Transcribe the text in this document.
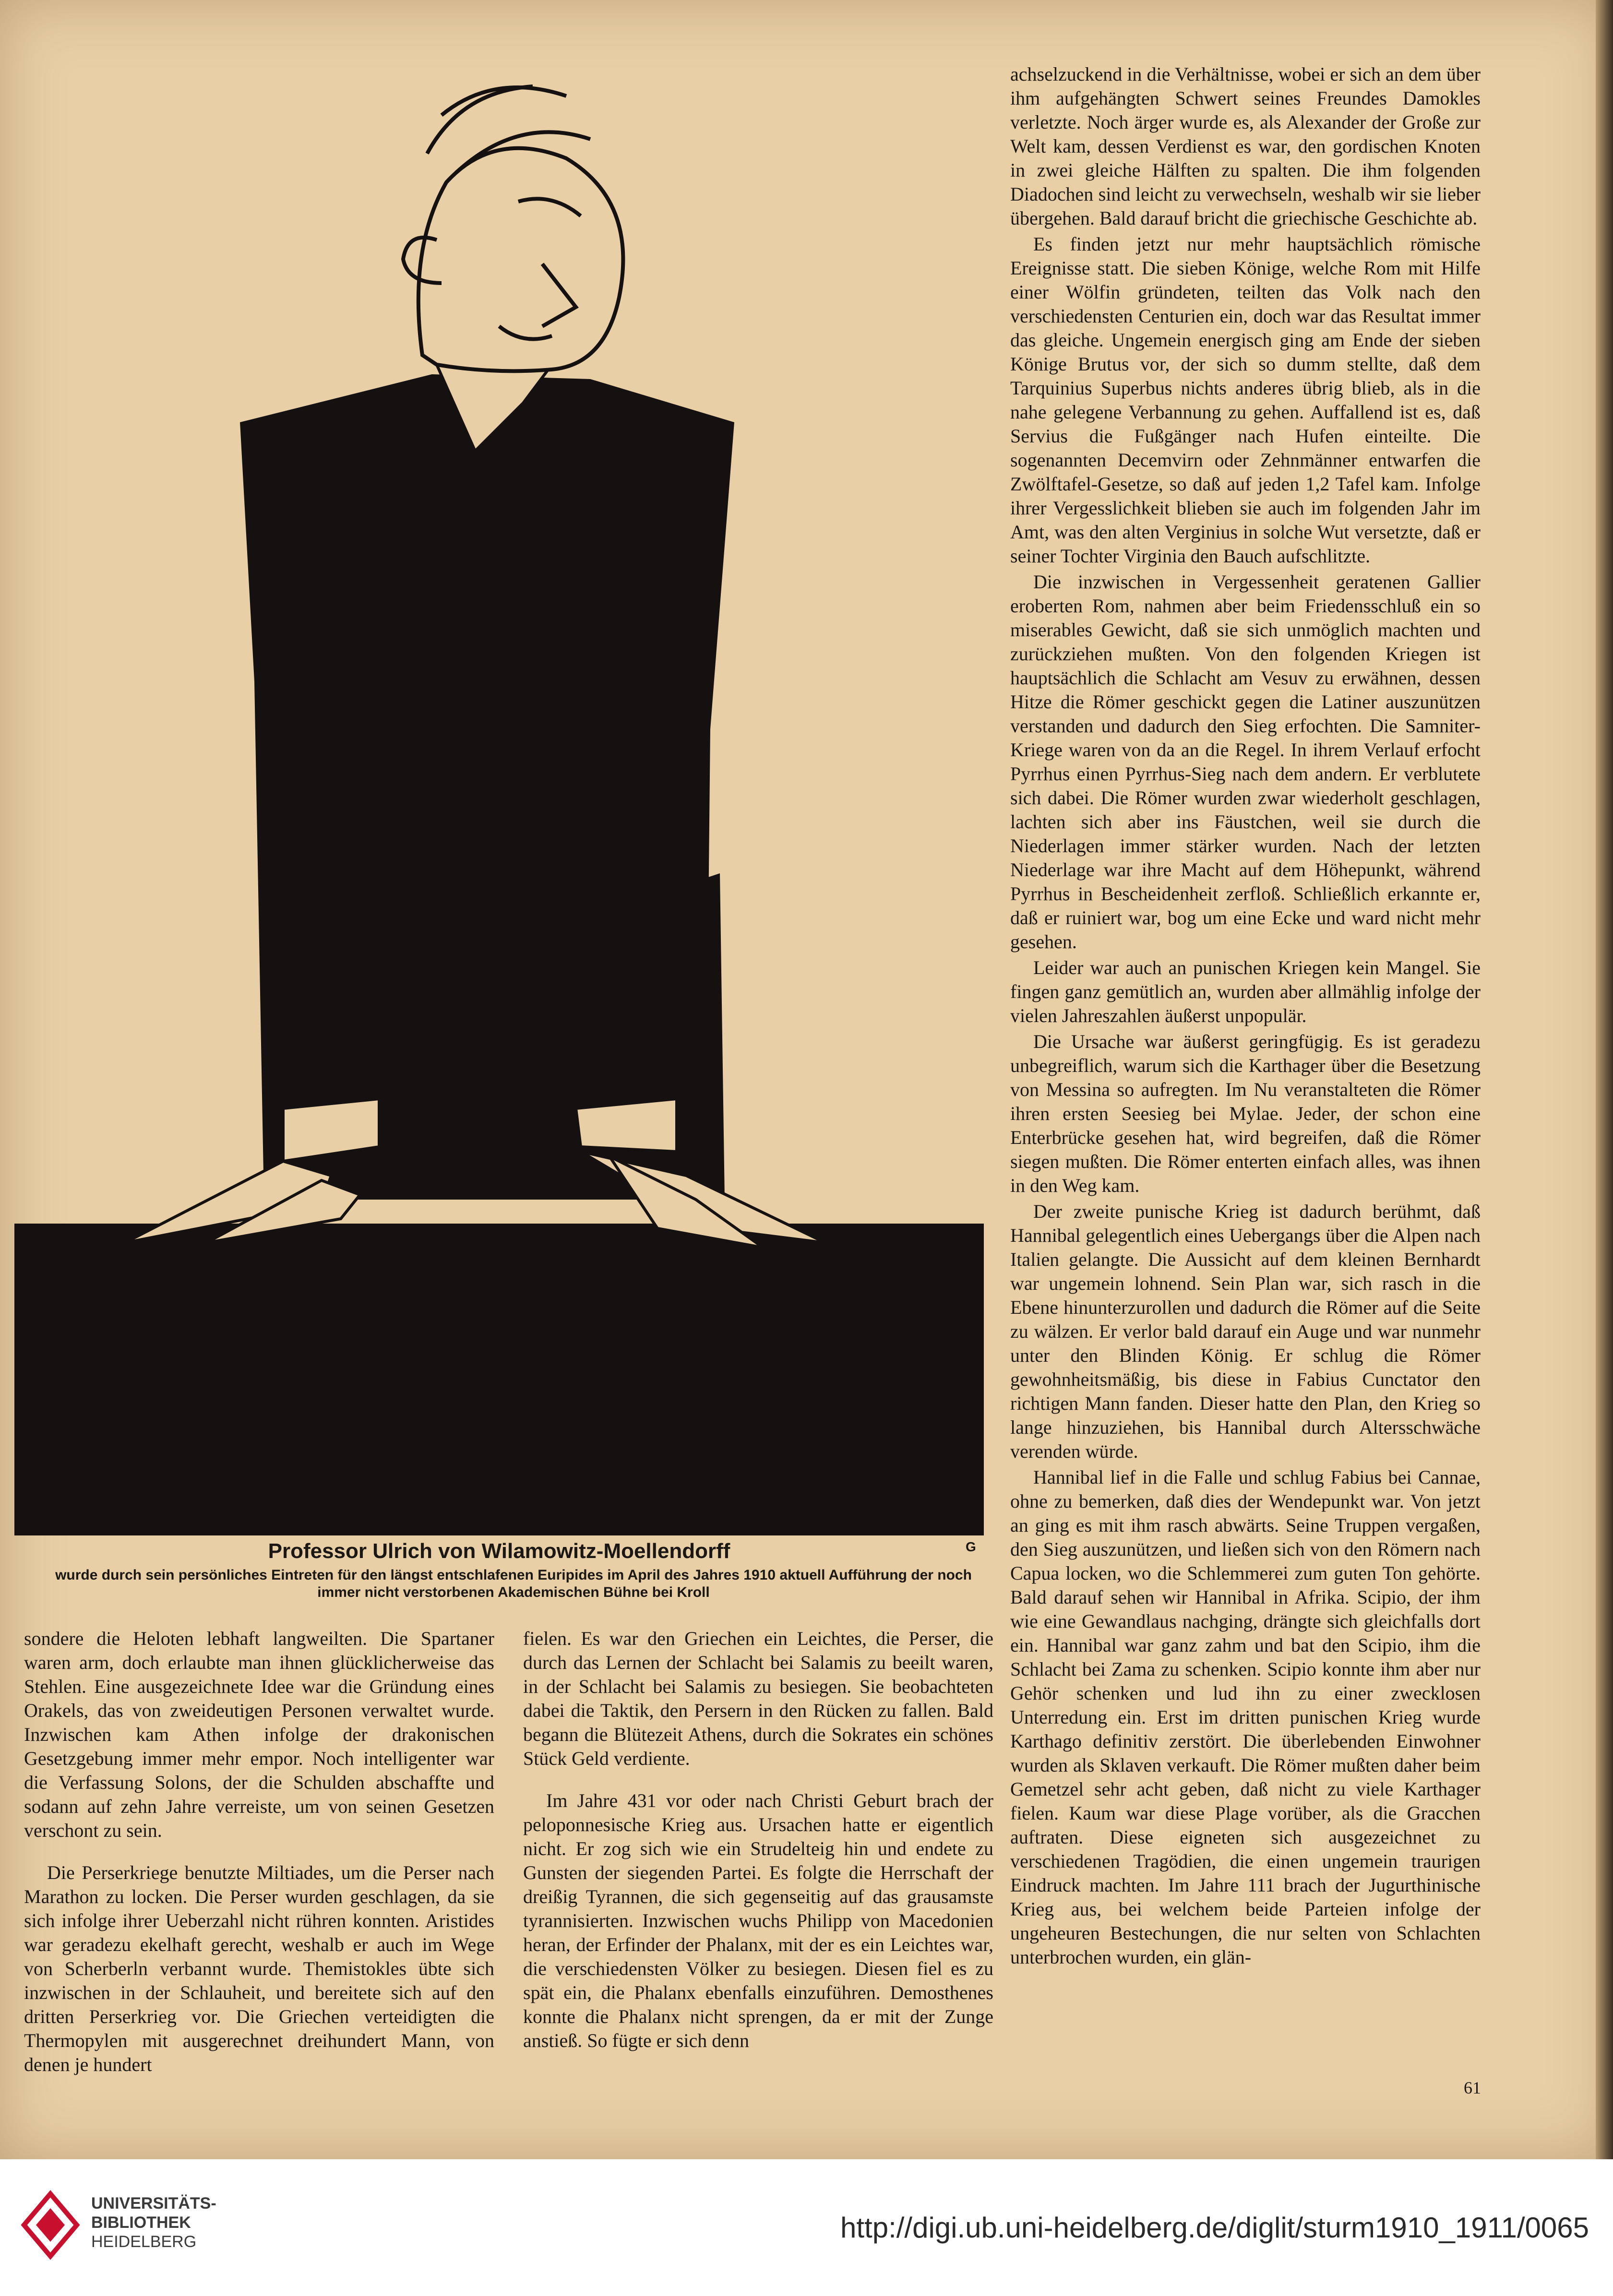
Professor Ulrich von Wilamowitz-Moellendorff	G
wurde durch sein persönliches Eintreten für den längst entschlafenen Euripides im April des Jahres 1910 aktuell Aufführung der noch immer nicht verstorbenen Akademischen Bühne bei Kroll

sondere die Heloten lebhaft langweilten. Die Spartaner waren arm, doch erlaubte man ihnen glücklicherweise das Stehlen. Eine ausgezeichnete Idee war die Gründung eines Orakels, das von zweideutigen Personen verwaltet wurde. Inzwischen kam Athen infolge der drakonischen Gesetzgebung immer mehr empor. Noch intelligenter war die Verfassung Solons, der die Schulden abschaffte und sodann auf zehn Jahre verreiste, um von seinen Gesetzen verschont zu sein.

Die Perserkriege benutzte Miltiades, um die Perser nach Marathon zu locken. Die Perser wurden geschlagen, da sie sich infolge ihrer Ueberzahl nicht rühren konnten. Aristides war geradezu ekelhaft gerecht, weshalb er auch im Wege von Scherberln verbannt wurde. Themistokles übte sich inzwischen in der Schlauheit, und bereitete sich auf den dritten Perserkrieg vor. Die Griechen verteidigten die Thermopylen mit ausgerechnet dreihundert Mann, von denen je hundert

fielen. Es war den Griechen ein Leichtes, die Perser, die durch das Lernen der Schlacht bei Salamis zu beeilt waren, in der Schlacht bei Salamis zu besiegen. Sie beobachteten dabei die Taktik, den Persern in den Rücken zu fallen. Bald begann die Blütezeit Athens, durch die Sokrates ein schönes Stück Geld verdiente.

Im Jahre 431 vor oder nach Christi Geburt brach der peloponnesische Krieg aus. Ursachen hatte er eigentlich nicht. Er zog sich wie ein Strudelteig hin und endete zu Gunsten der siegenden Partei. Es folgte die Herrschaft der dreißig Tyrannen, die sich gegenseitig auf das grausamste tyrannisierten. Inzwischen wuchs Philipp von Macedonien heran, der Erfinder der Phalanx, mit der es ein Leichtes war, die verschiedensten Völker zu besiegen. Diesen fiel es zu spät ein, die Phalanx ebenfalls einzuführen. Demosthenes konnte die Phalanx nicht sprengen, da er mit der Zunge anstieß. So fügte er sich denn

achselzuckend in die Verhältnisse, wobei er sich an dem über ihm aufgehängten Schwert seines Freundes Damokles verletzte. Noch ärger wurde es, als Alexander der Große zur Welt kam, dessen Verdienst es war, den gordischen Knoten in zwei gleiche Hälften zu spalten. Die ihm folgenden Diadochen sind leicht zu verwechseln, weshalb wir sie lieber übergehen. Bald darauf bricht die griechische Geschichte ab.

Es finden jetzt nur mehr hauptsächlich römische Ereignisse statt. Die sieben Könige, welche Rom mit Hilfe einer Wölfin gründeten, teilten das Volk nach den verschiedensten Centurien ein, doch war das Resultat immer das gleiche. Ungemein energisch ging am Ende der sieben Könige Brutus vor, der sich so dumm stellte, daß dem Tarquinius Superbus nichts anderes übrig blieb, als in die nahe gelegene Verbannung zu gehen. Auffallend ist es, daß Servius die Fußgänger nach Hufen einteilte. Die sogenannten Decemvirn oder Zehnmänner entwarfen die Zwölftafel-Gesetze, so daß auf jeden 1,2 Tafel kam. Infolge ihrer Vergesslichkeit blieben sie auch im folgenden Jahr im Amt, was den alten Verginius in solche Wut versetzte, daß er seiner Tochter Virginia den Bauch aufschlitzte.

Die inzwischen in Vergessenheit geratenen Gallier eroberten Rom, nahmen aber beim Friedensschluß ein so miserables Gewicht, daß sie sich unmöglich machten und zurückziehen mußten. Von den folgenden Kriegen ist hauptsächlich die Schlacht am Vesuv zu erwähnen, dessen Hitze die Römer geschickt gegen die Latiner auszunützen verstanden und dadurch den Sieg erfochten. Die Samniter-Kriege waren von da an die Regel. In ihrem Verlauf erfocht Pyrrhus einen Pyrrhus-Sieg nach dem andern. Er verblutete sich dabei. Die Römer wurden zwar wiederholt geschlagen, lachten sich aber ins Fäustchen, weil sie durch die Niederlagen immer stärker wurden. Nach der letzten Niederlage war ihre Macht auf dem Höhepunkt, während Pyrrhus in Bescheidenheit zerfloß. Schließlich erkannte er, daß er ruiniert war, bog um eine Ecke und ward nicht mehr gesehen.

Leider war auch an punischen Kriegen kein Mangel. Sie fingen ganz gemütlich an, wurden aber allmählig infolge der vielen Jahreszahlen äußerst unpopulär.

Die Ursache war äußerst geringfügig. Es ist geradezu unbegreiflich, warum sich die Karthager über die Besetzung von Messina so aufregten. Im Nu veranstalteten die Römer ihren ersten Seesieg bei Mylae. Jeder, der schon eine Enterbrücke gesehen hat, wird begreifen, daß die Römer siegen mußten. Die Römer enterten einfach alles, was ihnen in den Weg kam.

Der zweite punische Krieg ist dadurch berühmt, daß Hannibal gelegentlich eines Uebergangs über die Alpen nach Italien gelangte. Die Aussicht auf dem kleinen Bernhardt war ungemein lohnend. Sein Plan war, sich rasch in die Ebene hinunterzurollen und dadurch die Römer auf die Seite zu wälzen. Er verlor bald darauf ein Auge und war nunmehr unter den Blinden König. Er schlug die Römer gewohnheitsmäßig, bis diese in Fabius Cunctator den richtigen Mann fanden. Dieser hatte den Plan, den Krieg so lange hinzuziehen, bis Hannibal durch Altersschwäche verenden würde.

Hannibal lief in die Falle und schlug Fabius bei Cannae, ohne zu bemerken, daß dies der Wendepunkt war. Von jetzt an ging es mit ihm rasch abwärts. Seine Truppen vergaßen, den Sieg auszunützen, und ließen sich von den Römern nach Capua locken, wo die Schlemmerei zum guten Ton gehörte. Bald darauf sehen wir Hannibal in Afrika. Scipio, der ihm wie eine Gewandlaus nachging, drängte sich gleichfalls dort ein. Hannibal war ganz zahm und bat den Scipio, ihm die Schlacht bei Zama zu schenken. Scipio konnte ihm aber nur Gehör schenken und lud ihn zu einer zwecklosen Unterredung ein. Erst im dritten punischen Krieg wurde Karthago definitiv zerstört. Die überlebenden Einwohner wurden als Sklaven verkauft. Die Römer mußten daher beim Gemetzel sehr acht geben, daß nicht zu viele Karthager fielen. Kaum war diese Plage vorüber, als die Gracchen auftraten. Diese eigneten sich ausgezeichnet zu verschiedenen Tragödien, die einen ungemein traurigen Eindruck machten. Im Jahre 111 brach der Jugurthinische Krieg aus, bei welchem beide Parteien infolge der ungeheuren Bestechungen, die nur selten von Schlachten unterbrochen wurden, ein glän-

61
UNIVERSITÄTS-
BIBLIOTHEK
HEIDELBERG	http://digi.ub.uni-heidelberg.de/diglit/sturm1910_1911/0065
